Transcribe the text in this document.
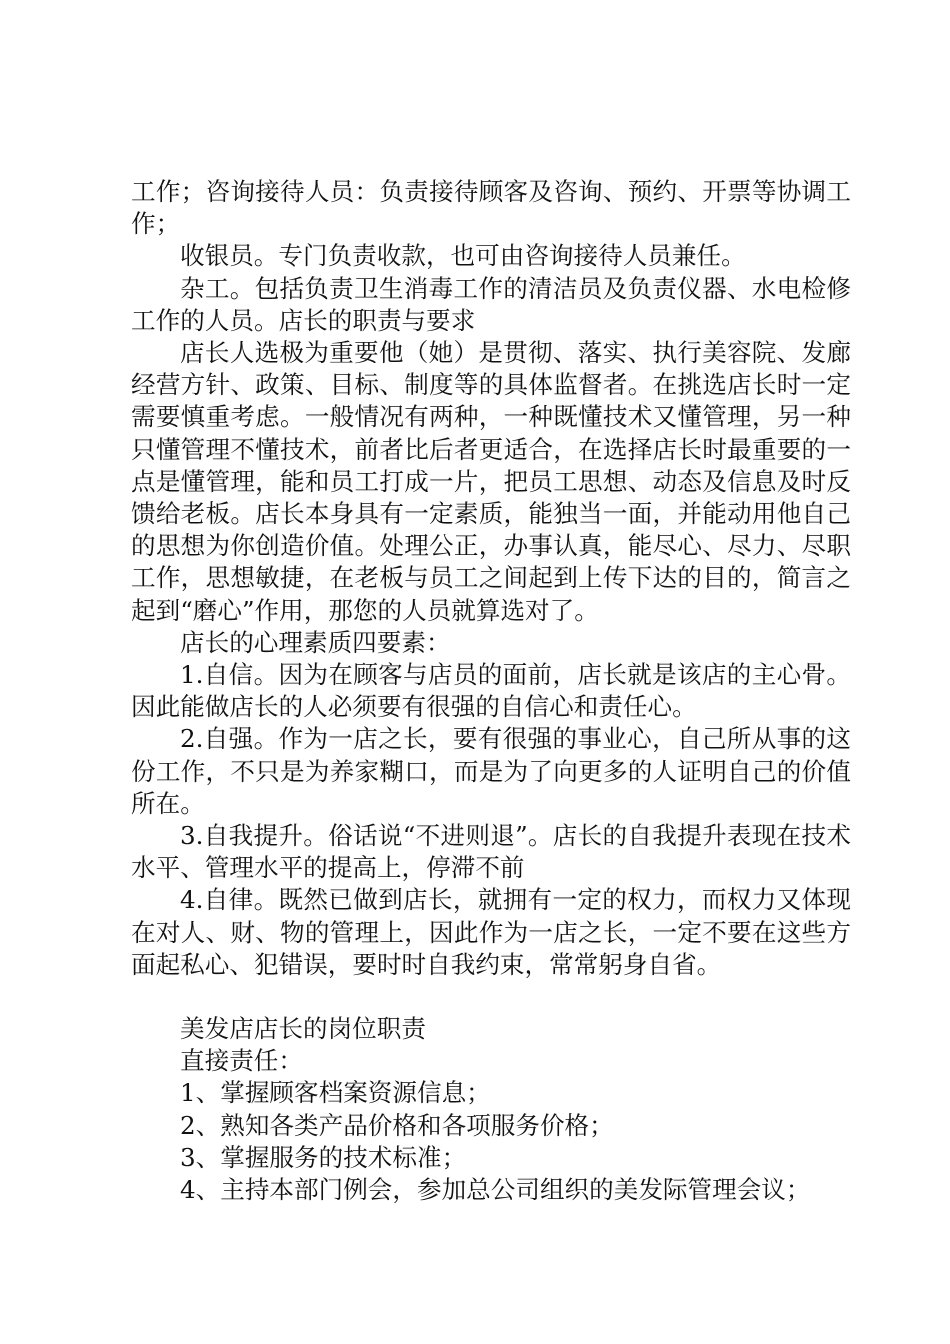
工作；咨询接待人员：负责接待顾客及咨询、预约、开票等协调工作；

收银员。专门负责收款，也可由咨询接待人员兼任。

杂工。包括负责卫生消毒工作的清洁员及负责仪器、水电检修工作的人员。店长的职责与要求

店长人选极为重要他（她）是贯彻、落实、执行美容院、发廊经营方针、政策、目标、制度等的具体监督者。在挑选店长时一定需要慎重考虑。一般情况有两种，一种既懂技术又懂管理，另一种只懂管理不懂技术，前者比后者更适合，在选择店长时最重要的一点是懂管理，能和员工打成一片，把员工思想、动态及信息及时反馈给老板。店长本身具有一定素质，能独当一面，并能动用他自己的思想为你创造价值。处理公正，办事认真，能尽心、尽力、尽职工作，思想敏捷，在老板与员工之间起到上传下达的目的，简言之起到“磨心”作用，那您的人员就算选对了。

店长的心理素质四要素：

1.自信。因为在顾客与店员的面前，店长就是该店的主心骨。因此能做店长的人必须要有很强的自信心和责任心。

2.自强。作为一店之长，要有很强的事业心，自己所从事的这份工作，不只是为养家糊口，而是为了向更多的人证明自己的价值所在。

3.自我提升。俗话说“不进则退”。店长的自我提升表现在技术水平、管理水平的提高上，停滞不前

4.自律。既然已做到店长，就拥有一定的权力，而权力又体现在对人、财、物的管理上，因此作为一店之长，一定不要在这些方面起私心、犯错误，要时时自我约束，常常躬身自省。

美发店店长的岗位职责
直接责任：
1、掌握顾客档案资源信息；
2、熟知各类产品价格和各项服务价格；
3、掌握服务的技术标准；
4、主持本部门例会，参加总公司组织的美发际管理会议；
